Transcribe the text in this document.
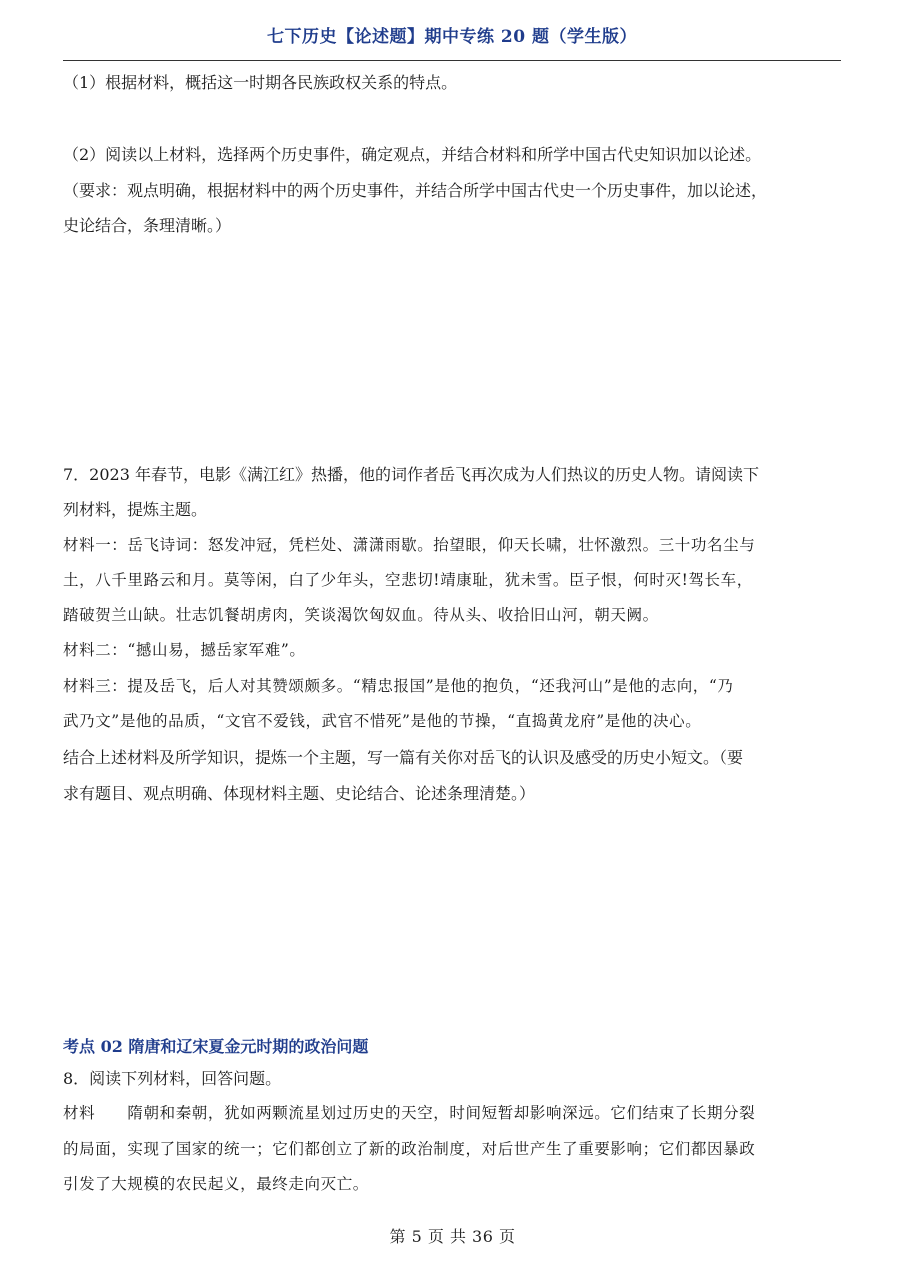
七下历史【论述题】期中专练 20 题（学生版）
（1）根据材料，概括这一时期各民族政权关系的特点。
（2）阅读以上材料，选择两个历史事件，确定观点，并结合材料和所学中国古代史知识加以论述。
（要求：观点明确，根据材料中的两个历史事件，并结合所学中国古代史一个历史事件，加以论述，
史论结合，条理清晰。）
7．2023 年春节，电影《满江红》热播，他的词作者岳飞再次成为人们热议的历史人物。请阅读下
列材料，提炼主题。
材料一：岳飞诗词：怒发冲冠，凭栏处、潇潇雨歇。抬望眼，仰天长啸，壮怀激烈。三十功名尘与
土，八千里路云和月。莫等闲，白了少年头，空悲切!靖康耻，犹未雪。臣子恨，何时灭!驾长车，
踏破贺兰山缺。壮志饥餐胡虏肉，笑谈渴饮匈奴血。待从头、收拾旧山河，朝天阙。
材料二：“撼山易，撼岳家军难”。
材料三：提及岳飞，后人对其赞颂颇多。“精忠报国”是他的抱负，“还我河山”是他的志向，“乃
武乃文”是他的品质，“文官不爱钱，武官不惜死”是他的节操，“直捣黄龙府”是他的决心。
结合上述材料及所学知识，提炼一个主题，写一篇有关你对岳飞的认识及感受的历史小短文。（要
求有题目、观点明确、体现材料主题、史论结合、论述条理清楚。）
考点 02 隋唐和辽宋夏金元时期的政治问题
8．阅读下列材料，回答问题。
材料　　隋朝和秦朝，犹如两颗流星划过历史的天空，时间短暂却影响深远。它们结束了长期分裂
的局面，实现了国家的统一；它们都创立了新的政治制度，对后世产生了重要影响；它们都因暴政
引发了大规模的农民起义，最终走向灭亡。
第 5 页 共 36 页
